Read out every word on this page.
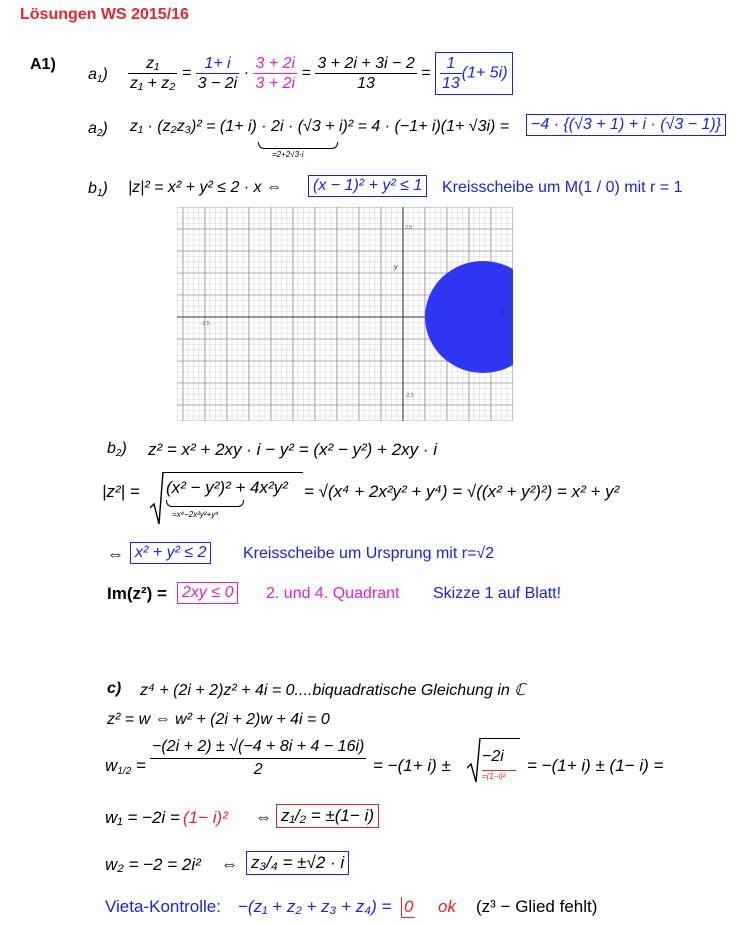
Lösungen WS 2015/16
A1)
$a_1) \frac{\text{z₁}}{\text{z₁ + z₂}} = \frac{1+ i}{3 - 2i} \cdot \frac{3 + 2i}{3 + 2i} = \frac{3 + 2i + 3i - 2}{13} = \frac{1}{13} (1+ 5i)$
$a_2$) z₁ · (z₂z₃)² = (1+ i) · 2i · (√3 + i)² = 4 · (−1+ i)(1+ √3i) =
=2+2√3·i
−4 · {(√3 + 1) + i · (√3 − 1)}
$b_1$) |z|² = x² + y² ≤ 2 · x ⇔	(x − 1)² + y² ≤ 1	Kreisscheibe um M(1 / 0) mit r = 1
x
y
-2.5	2.5
2.5
-2.5
$b_2$) z² = x² + 2xy · i − y² = (x² − y²) + 2xy · i
|z²| = (x² − y²)² + 4x²y²
=x⁴−2x²y²+y⁴
= √(x⁴ + 2x²y² + y⁴) = √((x² + y²)²) = x² + y²
⇔ x² + y² ≤ 2	Kreisscheibe um Ursprung mit r=√2
Im(z²) = 2xy ≤ 0	2. und 4. Quadrant Skizze 1 auf Blatt!
c) z⁴ + (2i + 2)z² + 4i = 0....biquadratische Gleichung in ℂ
z² = w ⇔ w² + (2i + 2)w + 4i = 0
$w_{1/2} = \frac{-(2i + 2) \pm √(-4 + 8i + 4 - 16i)}{2} = -(1+ i) \pm -2i$
=(1−i)²
= −(1+ i) ± (1− i) =
w₁ = −2i = (1− i)² ⇔ z₁/₂ = ±(1− i)
w₂ = −2 = 2i² ⇔ z₃/₄ = ±√2 · i
Vieta-Kontrolle: −(z₁ + z₂ + z₃ + z₄) = 0 ok (z³ − Glied fehlt)
